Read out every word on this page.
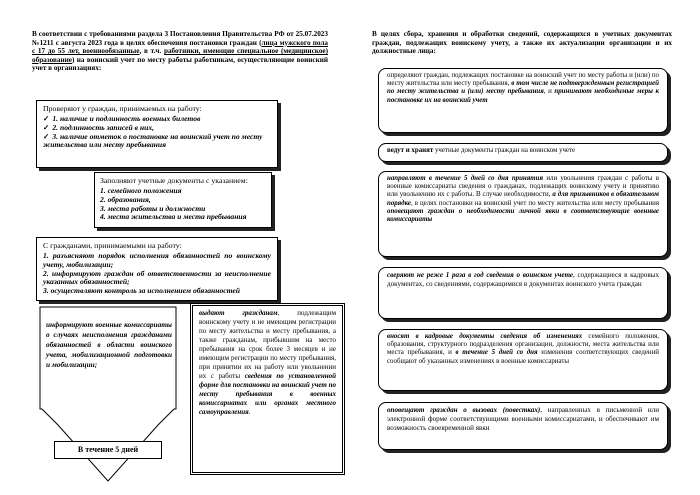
В соответствии с требованиями раздела 3 Постановления Правительства РФ от 25.07.2023 №1211 с августа 2023 года в целях обеспечения постановки граждан (лица мужского пола с 17 до 55 лет, военнообязанные, в т.ч. работники, имеющие специальное (медицинское) образование) на воинский учет по месту работы работникам, осуществляющие воинский учет в организациях:
Проверяют у граждан, принимаемых на работу:
✓ 1. наличие и подлинность военных билетов
✓ 2. подлинность записей в них,
✓ 3. наличие отметок о постановке на воинский учет по месту жительства или месту пребывания
Заполняют учетные документы с указанием:
1. семейного положения
2. образования,
3. места работы и должности
4. места жительства и места пребывания
С гражданами, принимаемыми на работу:
1. разъясняют порядок исполнения обязанностей по воинскому учету, мобилизации;
2. информируют граждан об ответственности за неисполнение указанных обязанностей;
3. осуществляют контроль за исполнением обязанностей
информируют военные комиссариаты о случаях неисполнения гражданами обязанностей в области воинского учета, мобилизационной подготовки и мобилизации;
В течение 5 дней
выдают гражданам, подлежащим воинскому учету и не имеющим регистрации по месту жительства и месту пребывания, а также гражданам, прибывшим на место пребывания на срок более 3 месяцев и не имеющим регистрации по месту пребывания, при принятии их на работу или увольнении их с работы сведения по установленной форме для постановки на воинский учет по месту пребывания в военных комиссариатах или органах местного самоуправления.
В целях сбора, хранения и обработки сведений, содержащихся в учетных документах граждан, подлежащих воинскому учету, а также их актуализации организации и их должностные лица:
определяют граждан, подлежащих постановке на воинский учет по месту работы и (или) по месту жительства или месту пребывания, в том числе не подтвержденным регистрацией по месту жительства и (или) месту пребывания, и принимают необходимые меры к постановке их на воинский учет
ведут и хранят учетные документы граждан на воинском учете
направляют в течение 5 дней со дня принятия или увольнения граждан с работы в военные комиссариаты сведения о гражданах, подлежащих воинскому учету и принятию или увольнению их с работы. В случае необходимости, а для призывников в обязательном порядке, в целях постановки на воинский учет по месту жительства или месту пребывания оповещают граждан о необходимости личной явки в соответствующие военные комиссариаты
сверяют не реже 1 раза в год сведения о воинском учете, содержащиеся в кадровых документах, со сведениями, содержащимися в документах воинского учета граждан
вносят в кадровые документы сведения об изменениях семейного положения, образования, структурного подразделения организации, должности, места жительства или места пребывания, и в течение 5 дней со дня изменения соответствующих сведений сообщают об указанных изменениях в военные комиссариаты
оповещают граждан о вызовах (повестках), направленных в письменной или электронной форме соответствующими военными комиссариатами, и обеспечивают им возможность своевременной явки
